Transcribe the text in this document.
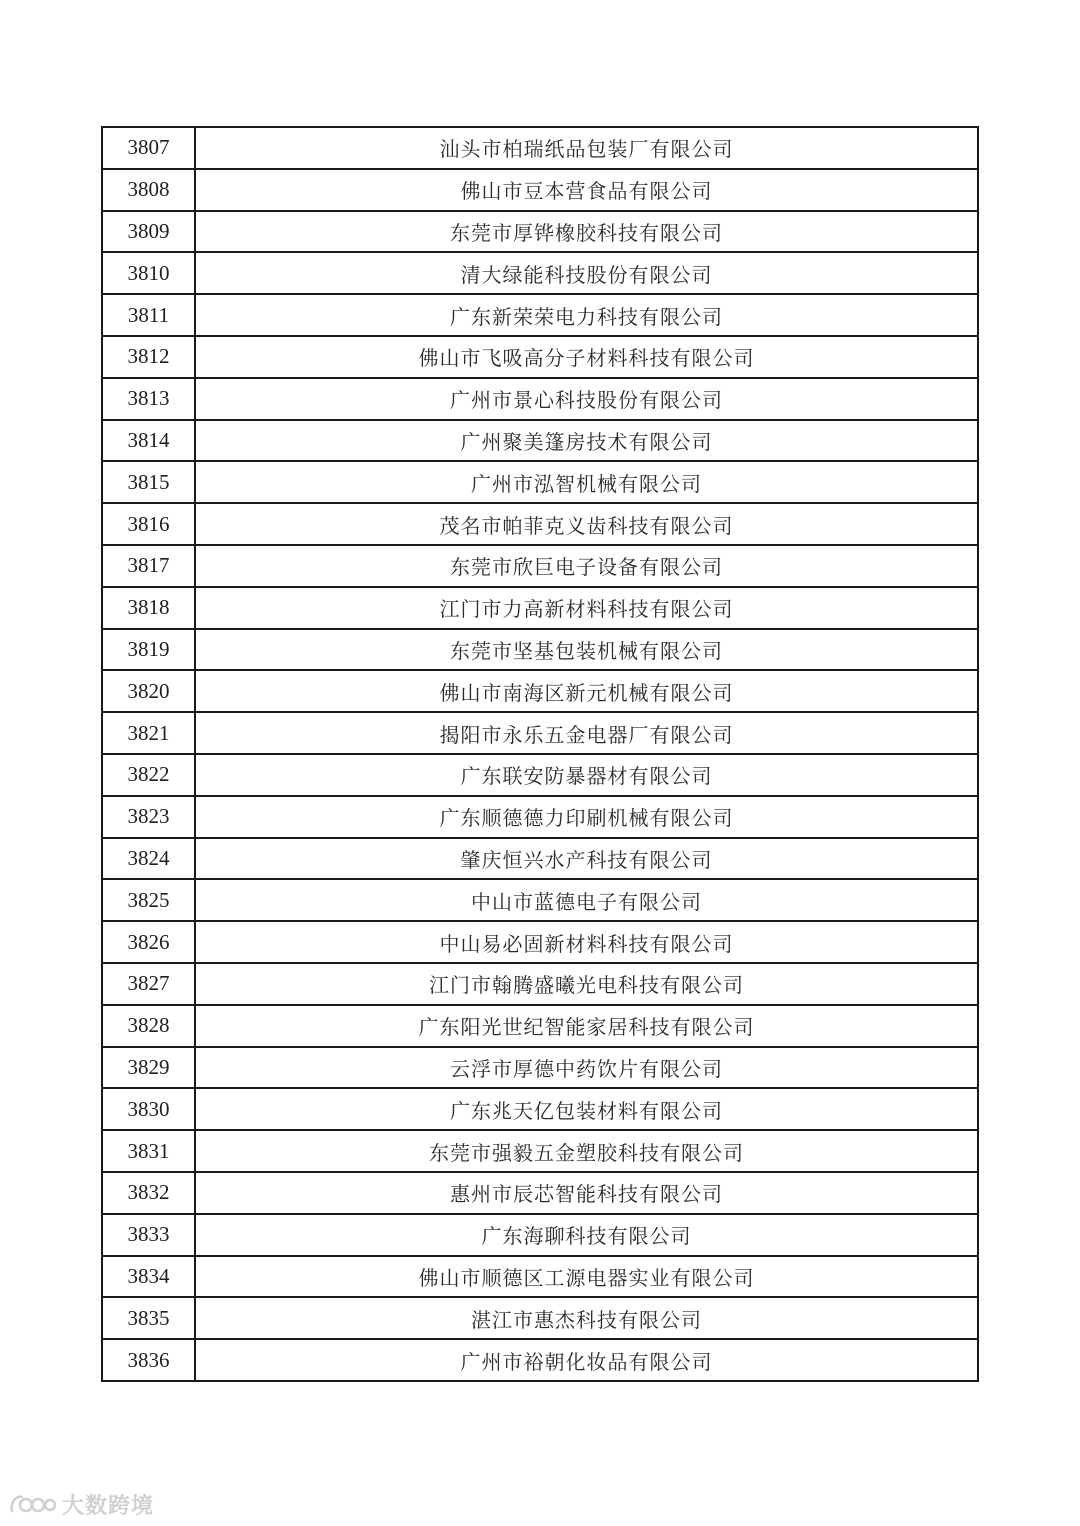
3807	汕头市柏瑞纸品包装厂有限公司
3808	佛山市豆本营食品有限公司
3809	东莞市厚铧橡胶科技有限公司
3810	清大绿能科技股份有限公司
3811	广东新荣荣电力科技有限公司
3812	佛山市飞吸高分子材料科技有限公司
3813	广州市景心科技股份有限公司
3814	广州聚美篷房技术有限公司
3815	广州市泓智机械有限公司
3816	茂名市帕菲克义齿科技有限公司
3817	东莞市欣巨电子设备有限公司
3818	江门市力高新材料科技有限公司
3819	东莞市坚基包装机械有限公司
3820	佛山市南海区新元机械有限公司
3821	揭阳市永乐五金电器厂有限公司
3822	广东联安防暴器材有限公司
3823	广东顺德德力印刷机械有限公司
3824	肇庆恒兴水产科技有限公司
3825	中山市蓝德电子有限公司
3826	中山易必固新材料科技有限公司
3827	江门市翰腾盛曦光电科技有限公司
3828	广东阳光世纪智能家居科技有限公司
3829	云浮市厚德中药饮片有限公司
3830	广东兆天亿包装材料有限公司
3831	东莞市强毅五金塑胶科技有限公司
3832	惠州市辰芯智能科技有限公司
3833	广东海聊科技有限公司
3834	佛山市顺德区工源电器实业有限公司
3835	湛江市惠杰科技有限公司
3836	广州市裕朝化妆品有限公司
大数跨境
